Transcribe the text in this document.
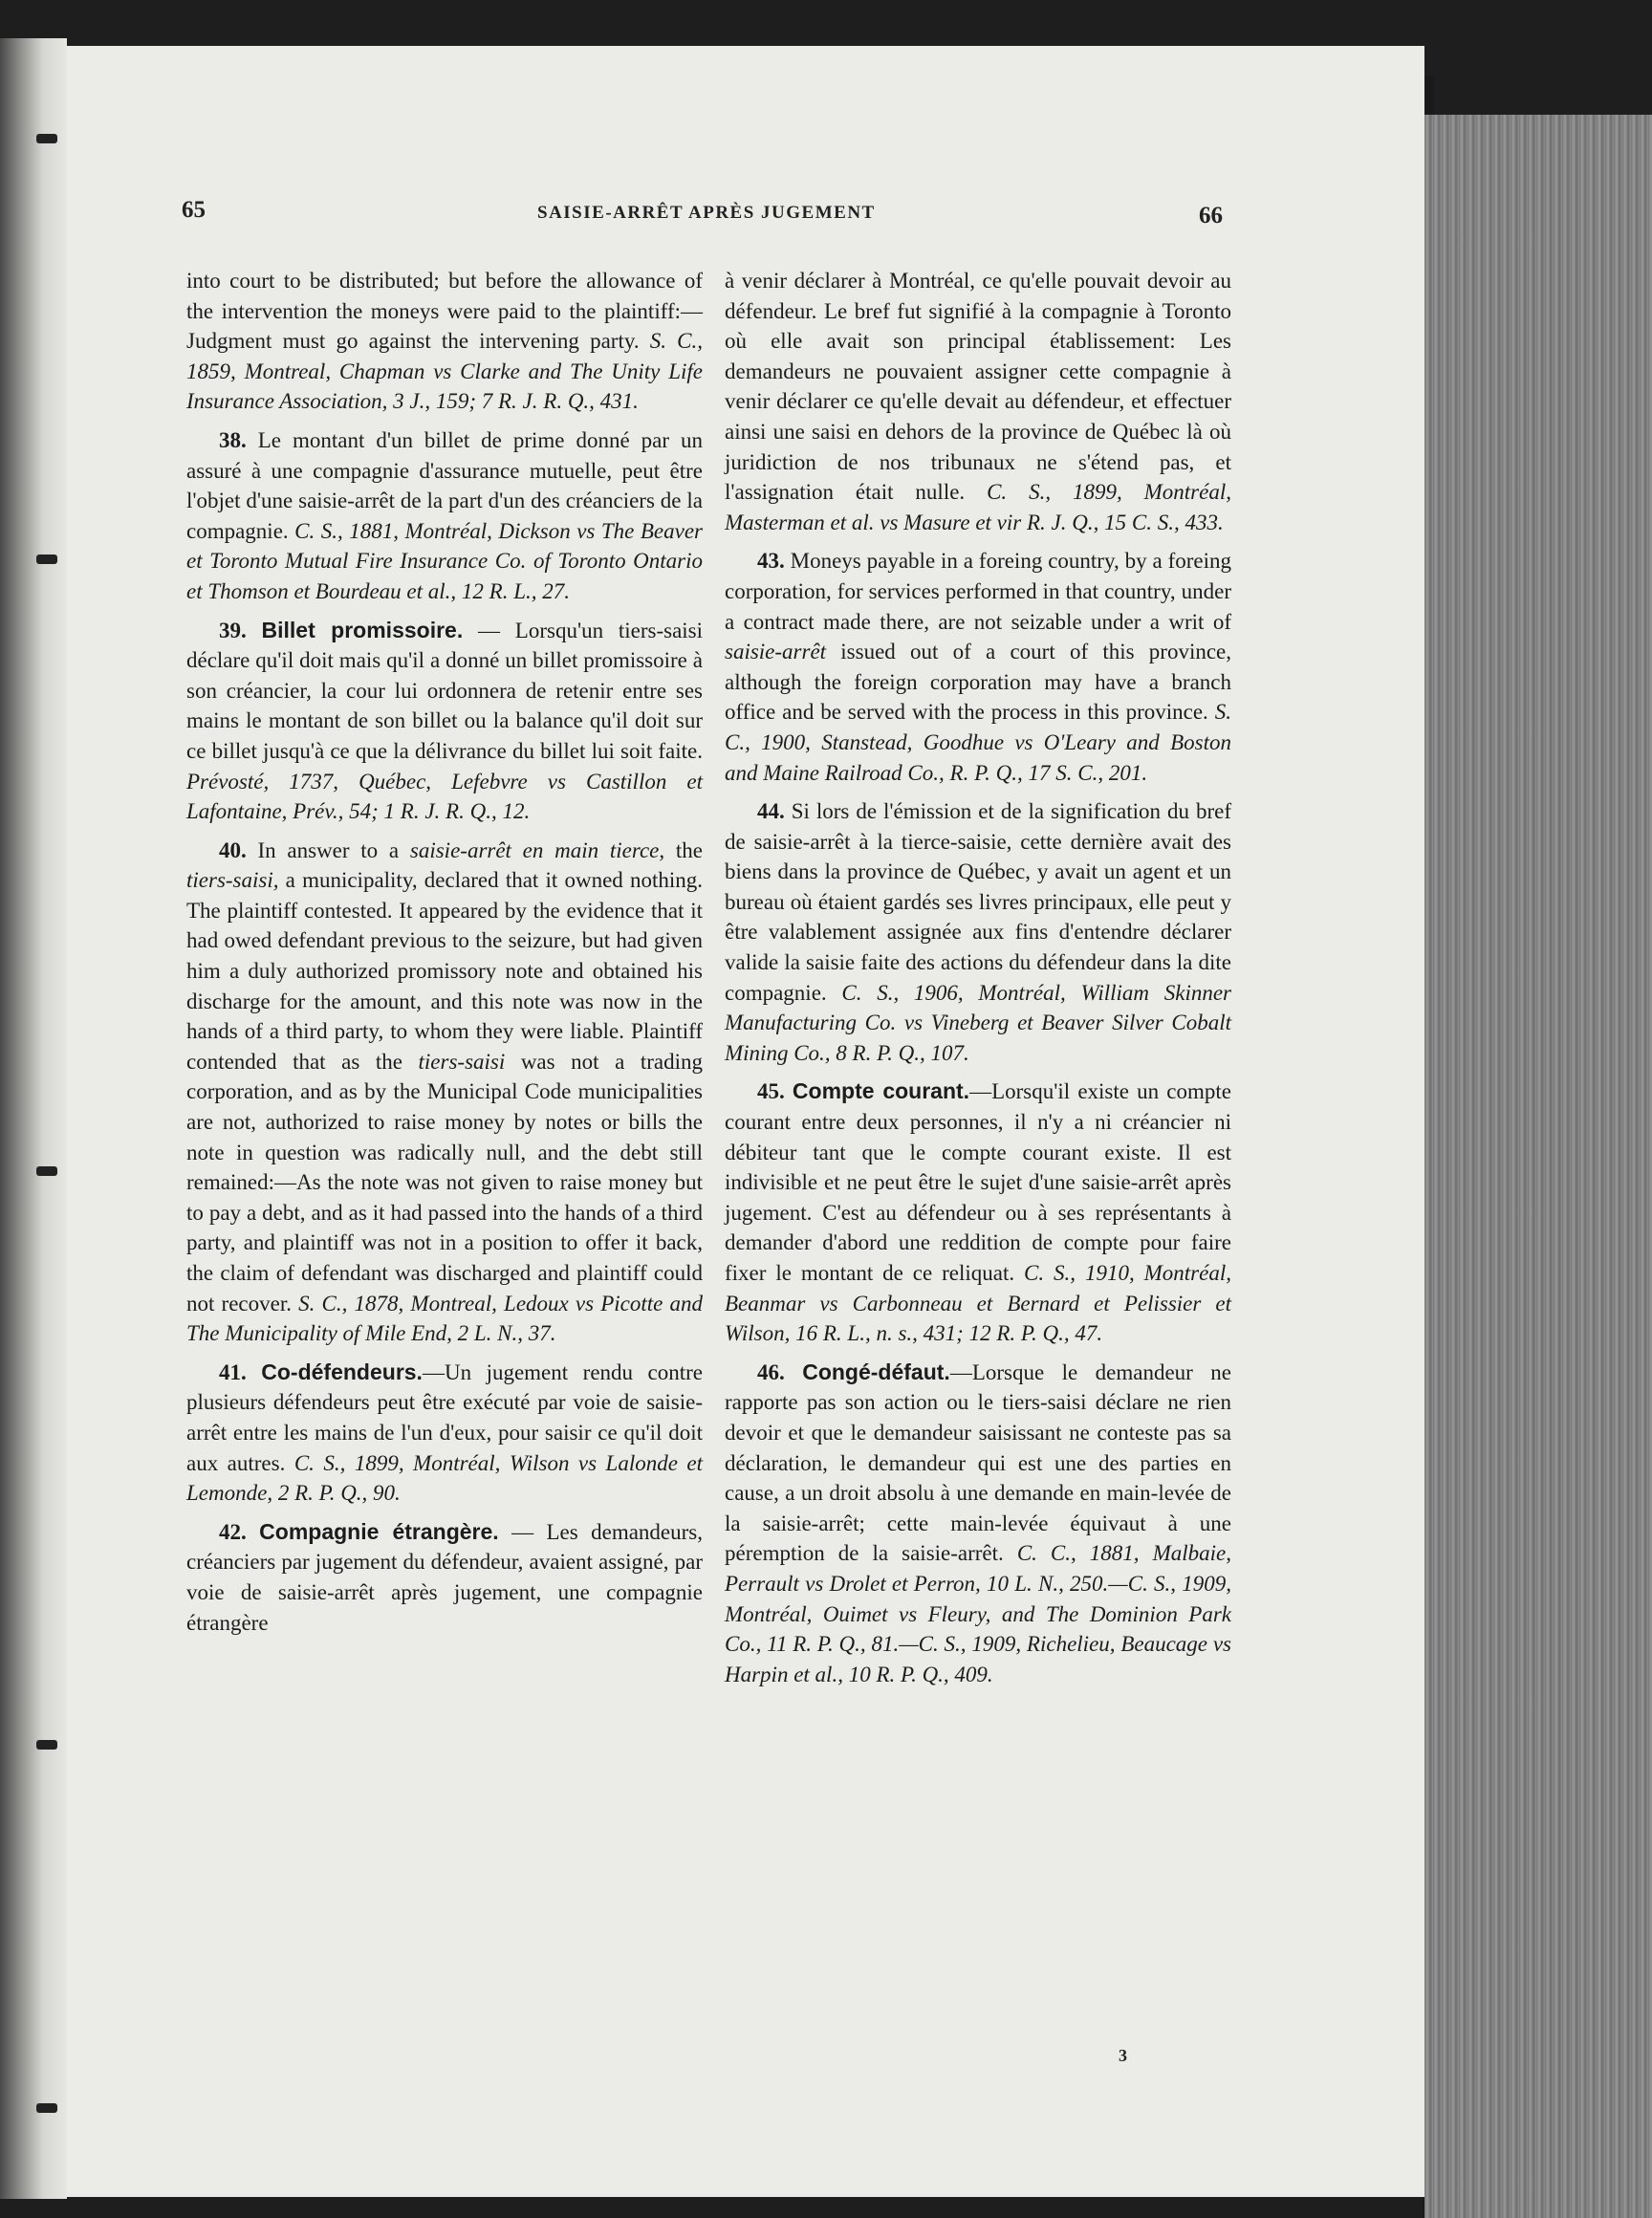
65	SAISIE-ARRÊT APRÈS JUGEMENT	66

into court to be distributed; but before the allowance of the intervention the moneys were paid to the plaintiff:—Judgment must go against the intervening party. S. C., 1859, Montreal, Chapman vs Clarke and The Unity Life Insurance Association, 3 J., 159; 7 R. J. R. Q., 431.

38. Le montant d'un billet de prime donné par un assuré à une compagnie d'assurance mutuelle, peut être l'objet d'une saisie-arrêt de la part d'un des créanciers de la compagnie. C. S., 1881, Montréal, Dickson vs The Beaver et Toronto Mutual Fire Insurance Co. of Toronto Ontario et Thomson et Bourdeau et al., 12 R. L., 27.

39. Billet promissoire. — Lorsqu'un tiers-saisi déclare qu'il doit mais qu'il a donné un billet promissoire à son créancier, la cour lui ordonnera de retenir entre ses mains le montant de son billet ou la balance qu'il doit sur ce billet jusqu'à ce que la délivrance du billet lui soit faite. Prévosté, 1737, Québec, Lefebvre vs Castillon et Lafontaine, Prév., 54; 1 R. J. R. Q., 12.

40. In answer to a saisie-arrêt en main tierce, the tiers-saisi, a municipality, declared that it owned nothing. The plaintiff contested. It appeared by the evidence that it had owed defendant previous to the seizure, but had given him a duly authorized promissory note and obtained his discharge for the amount, and this note was now in the hands of a third party, to whom they were liable. Plaintiff contended that as the tiers-saisi was not a trading corporation, and as by the Municipal Code municipalities are not, authorized to raise money by notes or bills the note in question was radically null, and the debt still remained:—As the note was not given to raise money but to pay a debt, and as it had passed into the hands of a third party, and plaintiff was not in a position to offer it back, the claim of defendant was discharged and plaintiff could not recover. S. C., 1878, Montreal, Ledoux vs Picotte and The Municipality of Mile End, 2 L. N., 37.

41. Co-défendeurs.—Un jugement rendu contre plusieurs défendeurs peut être exécuté par voie de saisie-arrêt entre les mains de l'un d'eux, pour saisir ce qu'il doit aux autres. C. S., 1899, Montréal, Wilson vs Lalonde et Lemonde, 2 R. P. Q., 90.

42. Compagnie étrangère. — Les demandeurs, créanciers par jugement du défendeur, avaient assigné, par voie de saisie-arrêt après jugement, une compagnie étrangère

à venir déclarer à Montréal, ce qu'elle pouvait devoir au défendeur. Le bref fut signifié à la compagnie à Toronto où elle avait son principal établissement: Les demandeurs ne pouvaient assigner cette compagnie à venir déclarer ce qu'elle devait au défendeur, et effectuer ainsi une saisi en dehors de la province de Québec là où juridiction de nos tribunaux ne s'étend pas, et l'assignation était nulle. C. S., 1899, Montréal, Masterman et al. vs Masure et vir R. J. Q., 15 C. S., 433.

43. Moneys payable in a foreing country, by a foreing corporation, for services performed in that country, under a contract made there, are not seizable under a writ of saisie-arrêt issued out of a court of this province, although the foreign corporation may have a branch office and be served with the process in this province. S. C., 1900, Stanstead, Goodhue vs O'Leary and Boston and Maine Railroad Co., R. P. Q., 17 S. C., 201.

44. Si lors de l'émission et de la signification du bref de saisie-arrêt à la tierce-saisie, cette dernière avait des biens dans la province de Québec, y avait un agent et un bureau où étaient gardés ses livres principaux, elle peut y être valablement assignée aux fins d'entendre déclarer valide la saisie faite des actions du défendeur dans la dite compagnie. C. S., 1906, Montréal, William Skinner Manufacturing Co. vs Vineberg et Beaver Silver Cobalt Mining Co., 8 R. P. Q., 107.

45. Compte courant.—Lorsqu'il existe un compte courant entre deux personnes, il n'y a ni créancier ni débiteur tant que le compte courant existe. Il est indivisible et ne peut être le sujet d'une saisie-arrêt après jugement. C'est au défendeur ou à ses représentants à demander d'abord une reddition de compte pour faire fixer le montant de ce reliquat. C. S., 1910, Montréal, Beanmar vs Carbonneau et Bernard et Pelissier et Wilson, 16 R. L., n. s., 431; 12 R. P. Q., 47.

46. Congé-défaut.—Lorsque le demandeur ne rapporte pas son action ou le tiers-saisi déclare ne rien devoir et que le demandeur saisissant ne conteste pas sa déclaration, le demandeur qui est une des parties en cause, a un droit absolu à une demande en main-levée de la saisie-arrêt; cette main-levée équivaut à une péremption de la saisie-arrêt. C. C., 1881, Malbaie, Perrault vs Drolet et Perron, 10 L. N., 250.—C. S., 1909, Montréal, Ouimet vs Fleury, and The Dominion Park Co., 11 R. P. Q., 81.—C. S., 1909, Richelieu, Beaucage vs Harpin et al., 10 R. P. Q., 409.

3
